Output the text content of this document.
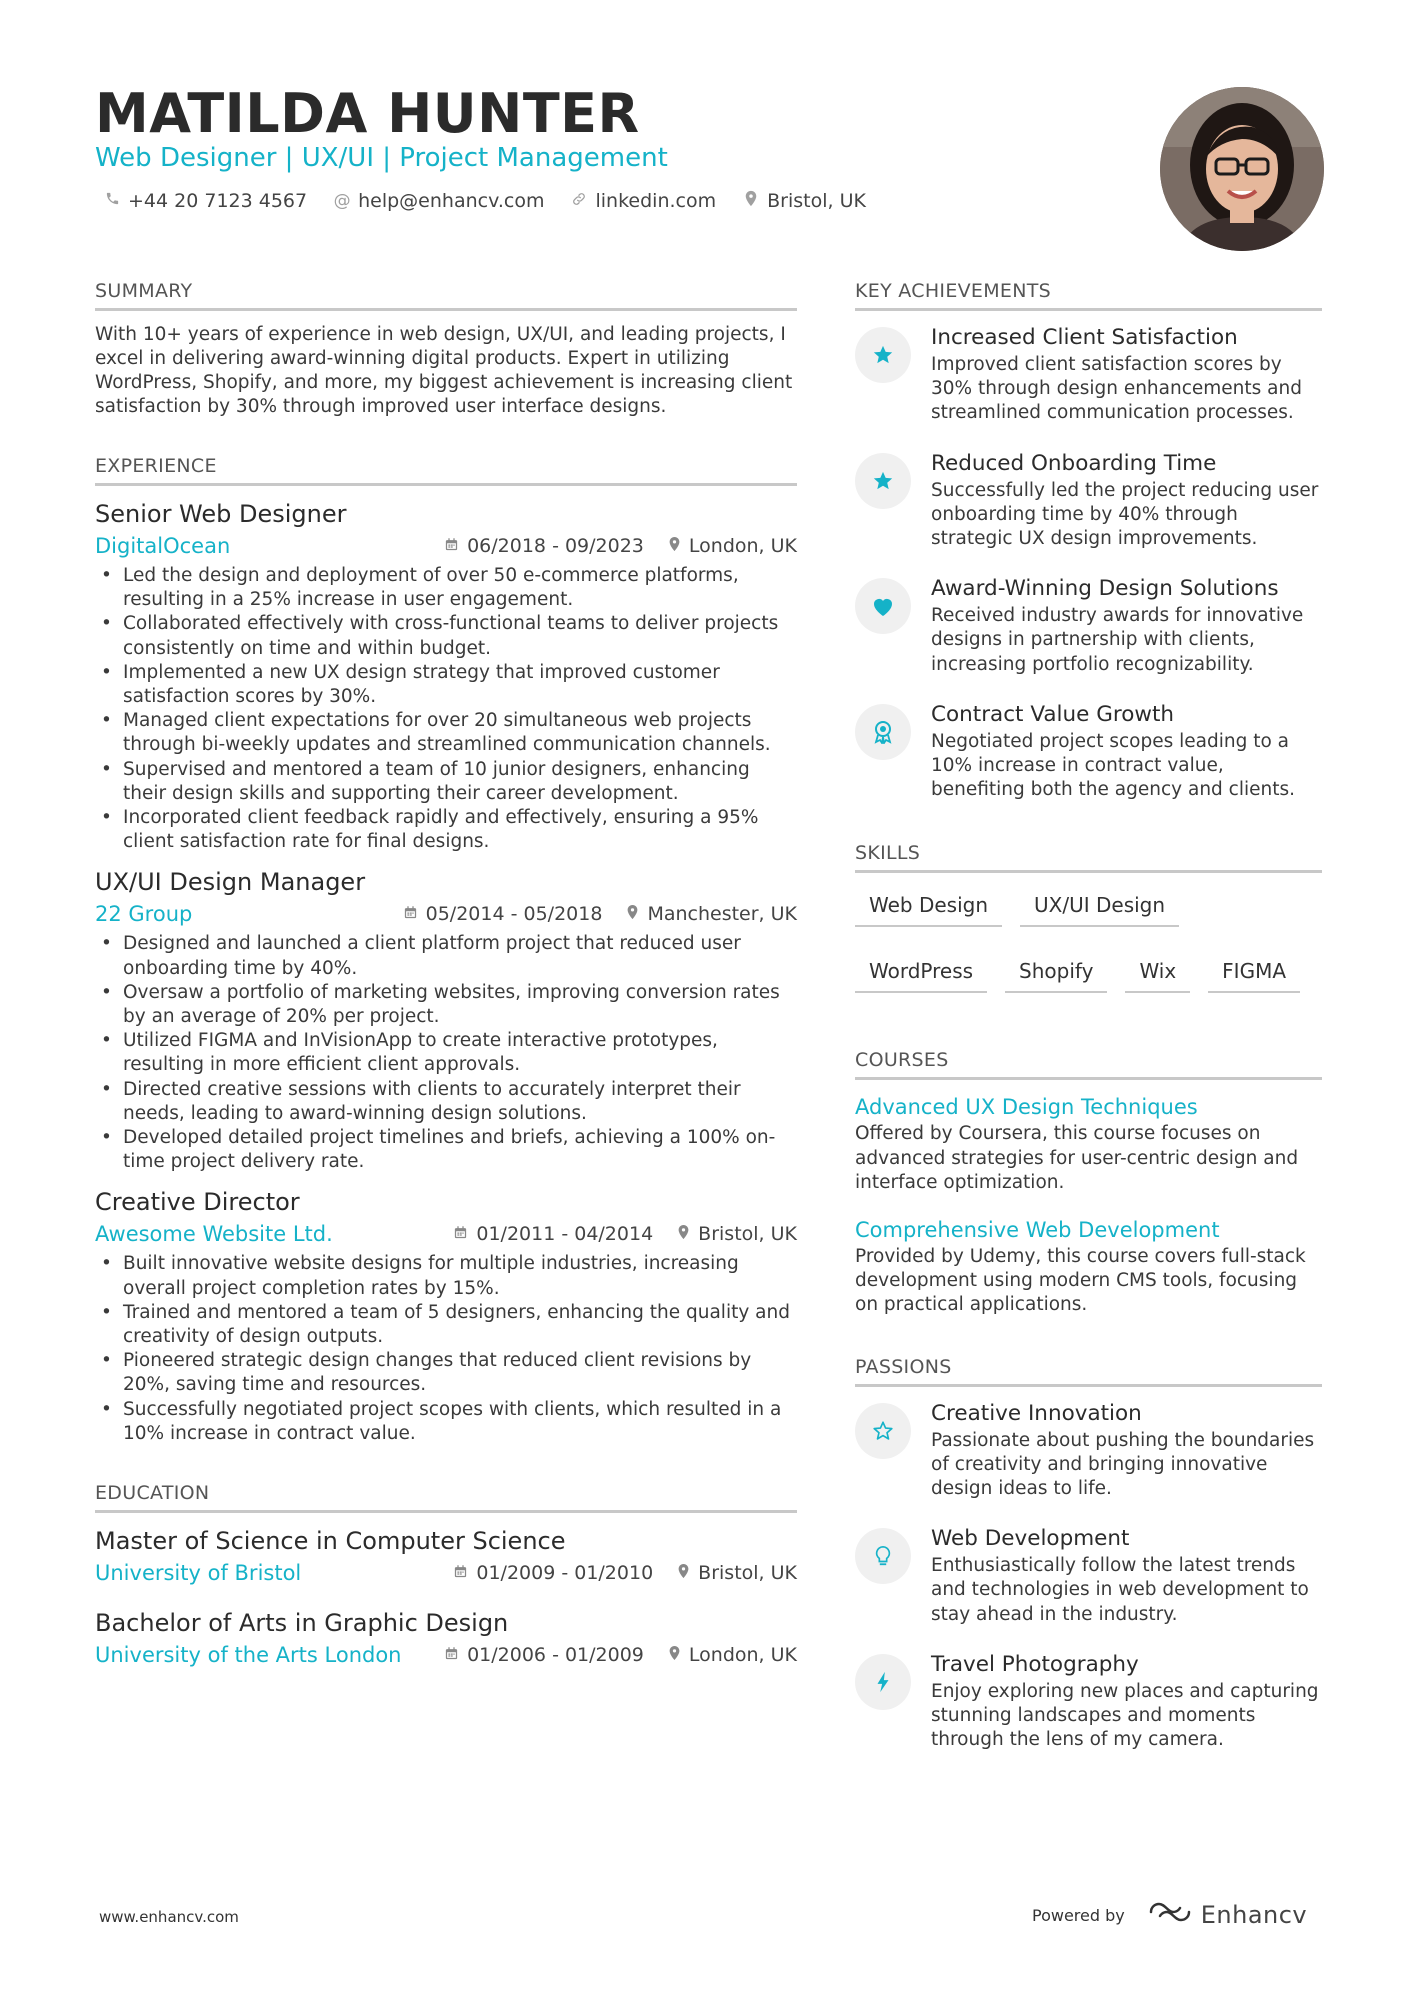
MATILDA HUNTER
Web Designer | UX/UI | Project Management
+44 20 7123 4567 @ help@enhancv.com	linkedin.com	Bristol, UK
SUMMARY

With 10+ years of experience in web design, UX/UI, and leading projects, I excel in delivering award-winning digital products. Expert in utilizing WordPress, Shopify, and more, my biggest achievement is increasing client satisfaction by 30% through improved user interface designs.

EXPERIENCE
Senior Web Designer
DigitalOcean	06/2018 - 09/2023 London, UK
• Led the design and deployment of over 50 e-commerce platforms, resulting in a 25% increase in user engagement.
• Collaborated effectively with cross-functional teams to deliver projects consistently on time and within budget.
• Implemented a new UX design strategy that improved customer satisfaction scores by 30%.
• Managed client expectations for over 20 simultaneous web projects through bi-weekly updates and streamlined communication channels.
• Supervised and mentored a team of 10 junior designers, enhancing their design skills and supporting their career development.
• Incorporated client feedback rapidly and effectively, ensuring a 95% client satisfaction rate for final designs.
UX/UI Design Manager
22 Group	05/2014 - 05/2018 Manchester, UK
• Designed and launched a client platform project that reduced user onboarding time by 40%.
• Oversaw a portfolio of marketing websites, improving conversion rates by an average of 20% per project.
• Utilized FIGMA and InVisionApp to create interactive prototypes, resulting in more efficient client approvals.
• Directed creative sessions with clients to accurately interpret their needs, leading to award-winning design solutions.
• Developed detailed project timelines and briefs, achieving a 100% on-time project delivery rate.
Creative Director
Awesome Website Ltd.	01/2011 - 04/2014 Bristol, UK
• Built innovative website designs for multiple industries, increasing overall project completion rates by 15%.
• Trained and mentored a team of 5 designers, enhancing the quality and creativity of design outputs.
• Pioneered strategic design changes that reduced client revisions by 20%, saving time and resources.
• Successfully negotiated project scopes with clients, which resulted in a 10% increase in contract value.
EDUCATION
Master of Science in Computer Science
University of Bristol	01/2009 - 01/2010 Bristol, UK
Bachelor of Arts in Graphic Design
University of the Arts London	01/2006 - 01/2009 London, UK
KEY ACHIEVEMENTS
Increased Client Satisfaction
Improved client satisfaction scores by 30% through design enhancements and streamlined communication processes.
Reduced Onboarding Time
Successfully led the project reducing user onboarding time by 40% through strategic UX design improvements.
Award-Winning Design Solutions
Received industry awards for innovative designs in partnership with clients, increasing portfolio recognizability.
Contract Value Growth
Negotiated project scopes leading to a 10% increase in contract value, benefiting both the agency and clients.
SKILLS
Web Design	UX/UI Design
WordPress	Shopify	Wix	FIGMA
COURSES
Advanced UX Design Techniques
Offered by Coursera, this course focuses on advanced strategies for user-centric design and interface optimization.
Comprehensive Web Development
Provided by Udemy, this course covers full-stack development using modern CMS tools, focusing on practical applications.
PASSIONS
Creative Innovation
Passionate about pushing the boundaries of creativity and bringing innovative design ideas to life.
Web Development
Enthusiastically follow the latest trends and technologies in web development to stay ahead in the industry.
Travel Photography
Enjoy exploring new places and capturing stunning landscapes and moments through the lens of my camera.
www.enhancv.com	Powered by	Enhancv
